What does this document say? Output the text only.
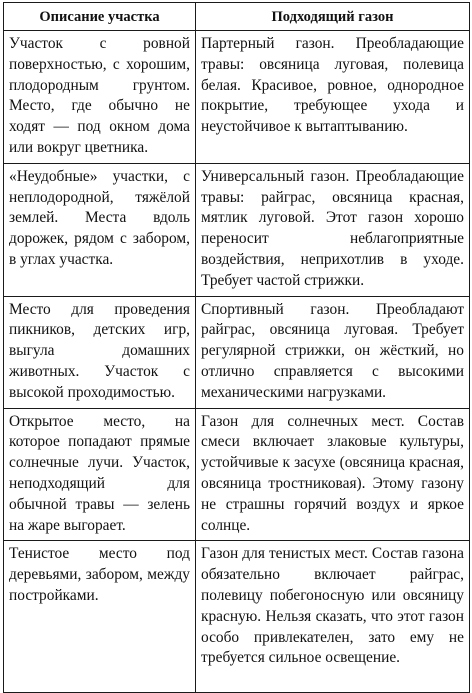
Описание участка	Подходящий газон
Участок с ровной поверхностью, с хорошим, плодородным грунтом. Место, где обычно не ходят — под окном дома или вокруг цветника.	Партерный газон. Преобладающие травы: овсяница луговая, полевица белая. Красивое, ровное, однородное покрытие, требующее ухода и неустойчивое к вытаптыванию.
«Неудобные» участки, с неплодородной, тяжёлой землей. Места вдоль дорожек, рядом с забором, в углах участка.	Универсальный газон. Преобладающие травы: райграс, овсяница красная, мятлик луговой. Этот газон хорошо переносит неблагоприятные воздействия, неприхотлив в уходе. Требует частой стрижки.
Место для проведения пикников, детских игр, выгула домашних животных. Участок с высокой проходимостью.	Спортивный газон. Преобладают райграс, овсяница луговая. Требует регулярной стрижки, он жёсткий, но отлично справляется с высокими механическими нагрузками.
Открытое место, на которое попадают прямые солнечные лучи. Участок, неподходящий для обычной травы — зелень на жаре выгорает.	Газон для солнечных мест. Состав смеси включает злаковые культуры, устойчивые к засухе (овсяница красная, овсяница тростниковая). Этому газону не страшны горячий воздух и яркое солнце.
Тенистое место под деревьями, забором, между постройками.	Газон для тенистых мест. Состав газона обязательно включает райграс, полевицу побегоносную или овсяницу красную. Нельзя сказать, что этот газон особо привлекателен, зато ему не требуется сильное освещение.
